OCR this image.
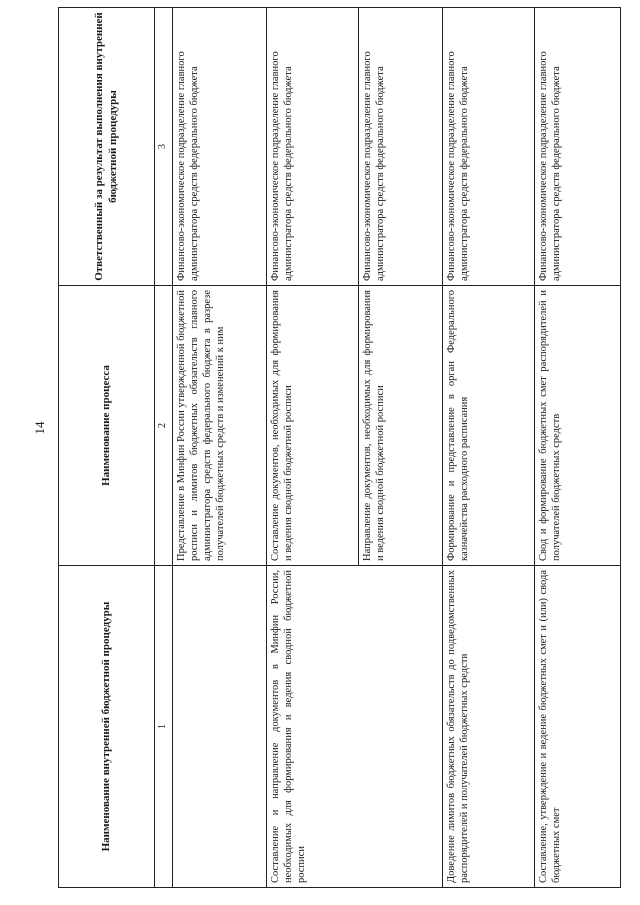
14
Наименование внутренней бюджетной процедуры	Наименование процесса	Ответственный за результат выполнения внутренней бюджетной процедуры
1	2	3
	Представление в Минфин России утвержденной бюджетной росписи и лимитов бюджетных обязательств главного администратора средств федерального бюджета в разрезе получателей бюджетных средств и изменений к ним	Финансово-экономическое подразделение главного администратора средств федерального бюджета
Составление и направление документов в Минфин России, необходимых для формирования и ведения сводной бюджетной росписи	Составление документов, необходимых для формирования и ведения сводной бюджетной росписи	Финансово-экономическое подразделение главного администратора средств федерального бюджета
	Направление документов, необходимых для формирования и ведения сводной бюджетной росписи	Финансово-экономическое подразделение главного администратора средств федерального бюджета
Доведение лимитов бюджетных обязательств до подведомственных распорядителей и получателей бюджетных средств	Формирование и представление в орган Федерального казначейства расходного расписания	Финансово-экономическое подразделение главного администратора средств федерального бюджета
Составление, утверждение и ведение бюджетных смет и (или) свода бюджетных смет	Свод и формирование бюджетных смет распорядителей и получателей бюджетных средств	Финансово-экономическое подразделение главного администратора средств федерального бюджета
